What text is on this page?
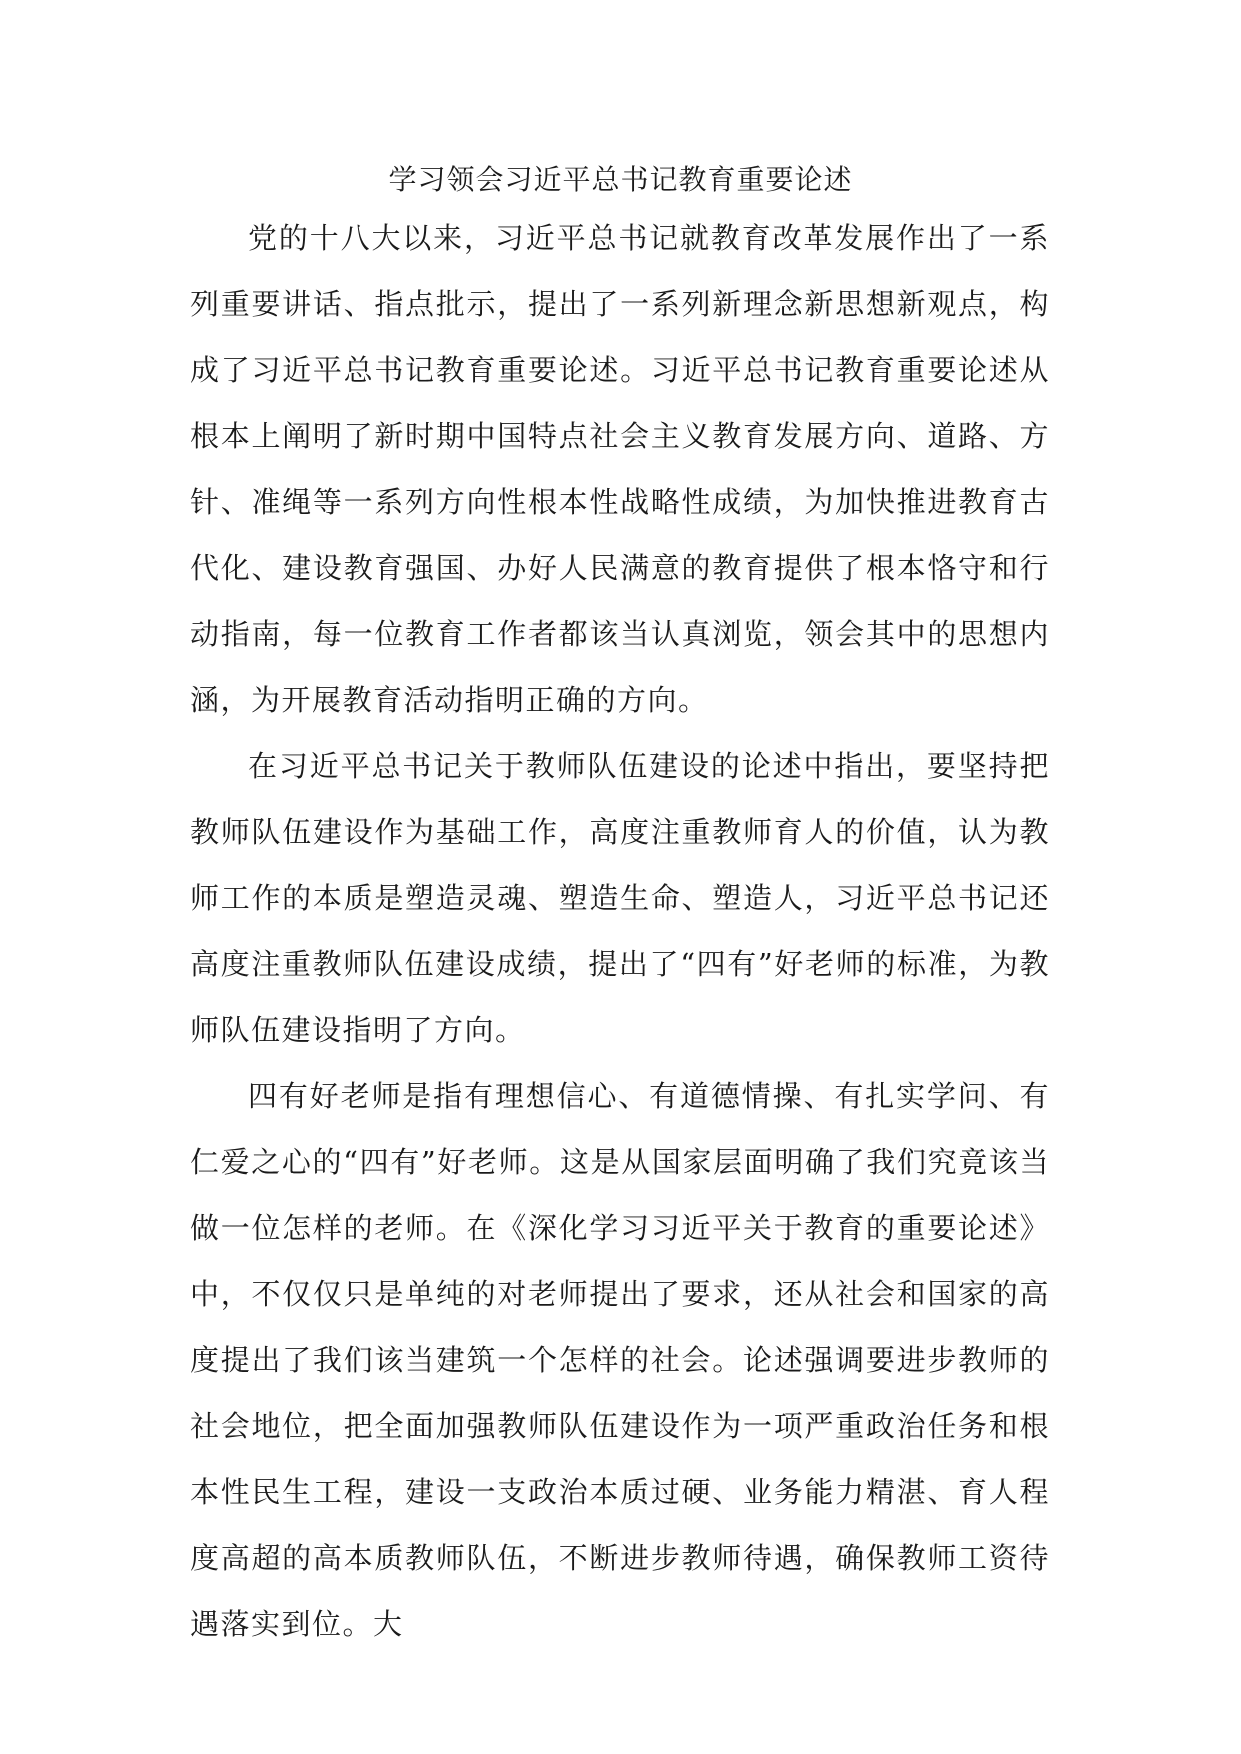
学习领会习近平总书记教育重要论述

党的十八大以来，习近平总书记就教育改革发展作出了一系列重要讲话、指点批示，提出了一系列新理念新思想新观点，构成了习近平总书记教育重要论述。习近平总书记教育重要论述从根本上阐明了新时期中国特点社会主义教育发展方向、道路、方针、准绳等一系列方向性根本性战略性成绩，为加快推进教育古代化、建设教育强国、办好人民满意的教育提供了根本恪守和行动指南，每一位教育工作者都该当认真浏览，领会其中的思想内涵，为开展教育活动指明正确的方向。

在习近平总书记关于教师队伍建设的论述中指出，要坚持把教师队伍建设作为基础工作，高度注重教师育人的价值，认为教师工作的本质是塑造灵魂、塑造生命、塑造人，习近平总书记还高度注重教师队伍建设成绩，提出了“四有”好老师的标准，为教师队伍建设指明了方向。

四有好老师是指有理想信心、有道德情操、有扎实学问、有仁爱之心的“四有”好老师。这是从国家层面明确了我们究竟该当做一位怎样的老师。在《深化学习习近平关于教育的重要论述》中，不仅仅只是单纯的对老师提出了要求，还从社会和国家的高度提出了我们该当建筑一个怎样的社会。论述强调要进步教师的社会地位，把全面加强教师队伍建设作为一项严重政治任务和根本性民生工程，建设一支政治本质过硬、业务能力精湛、育人程度高超的高本质教师队伍，不断进步教师待遇，确保教师工资待遇落实到位。大
